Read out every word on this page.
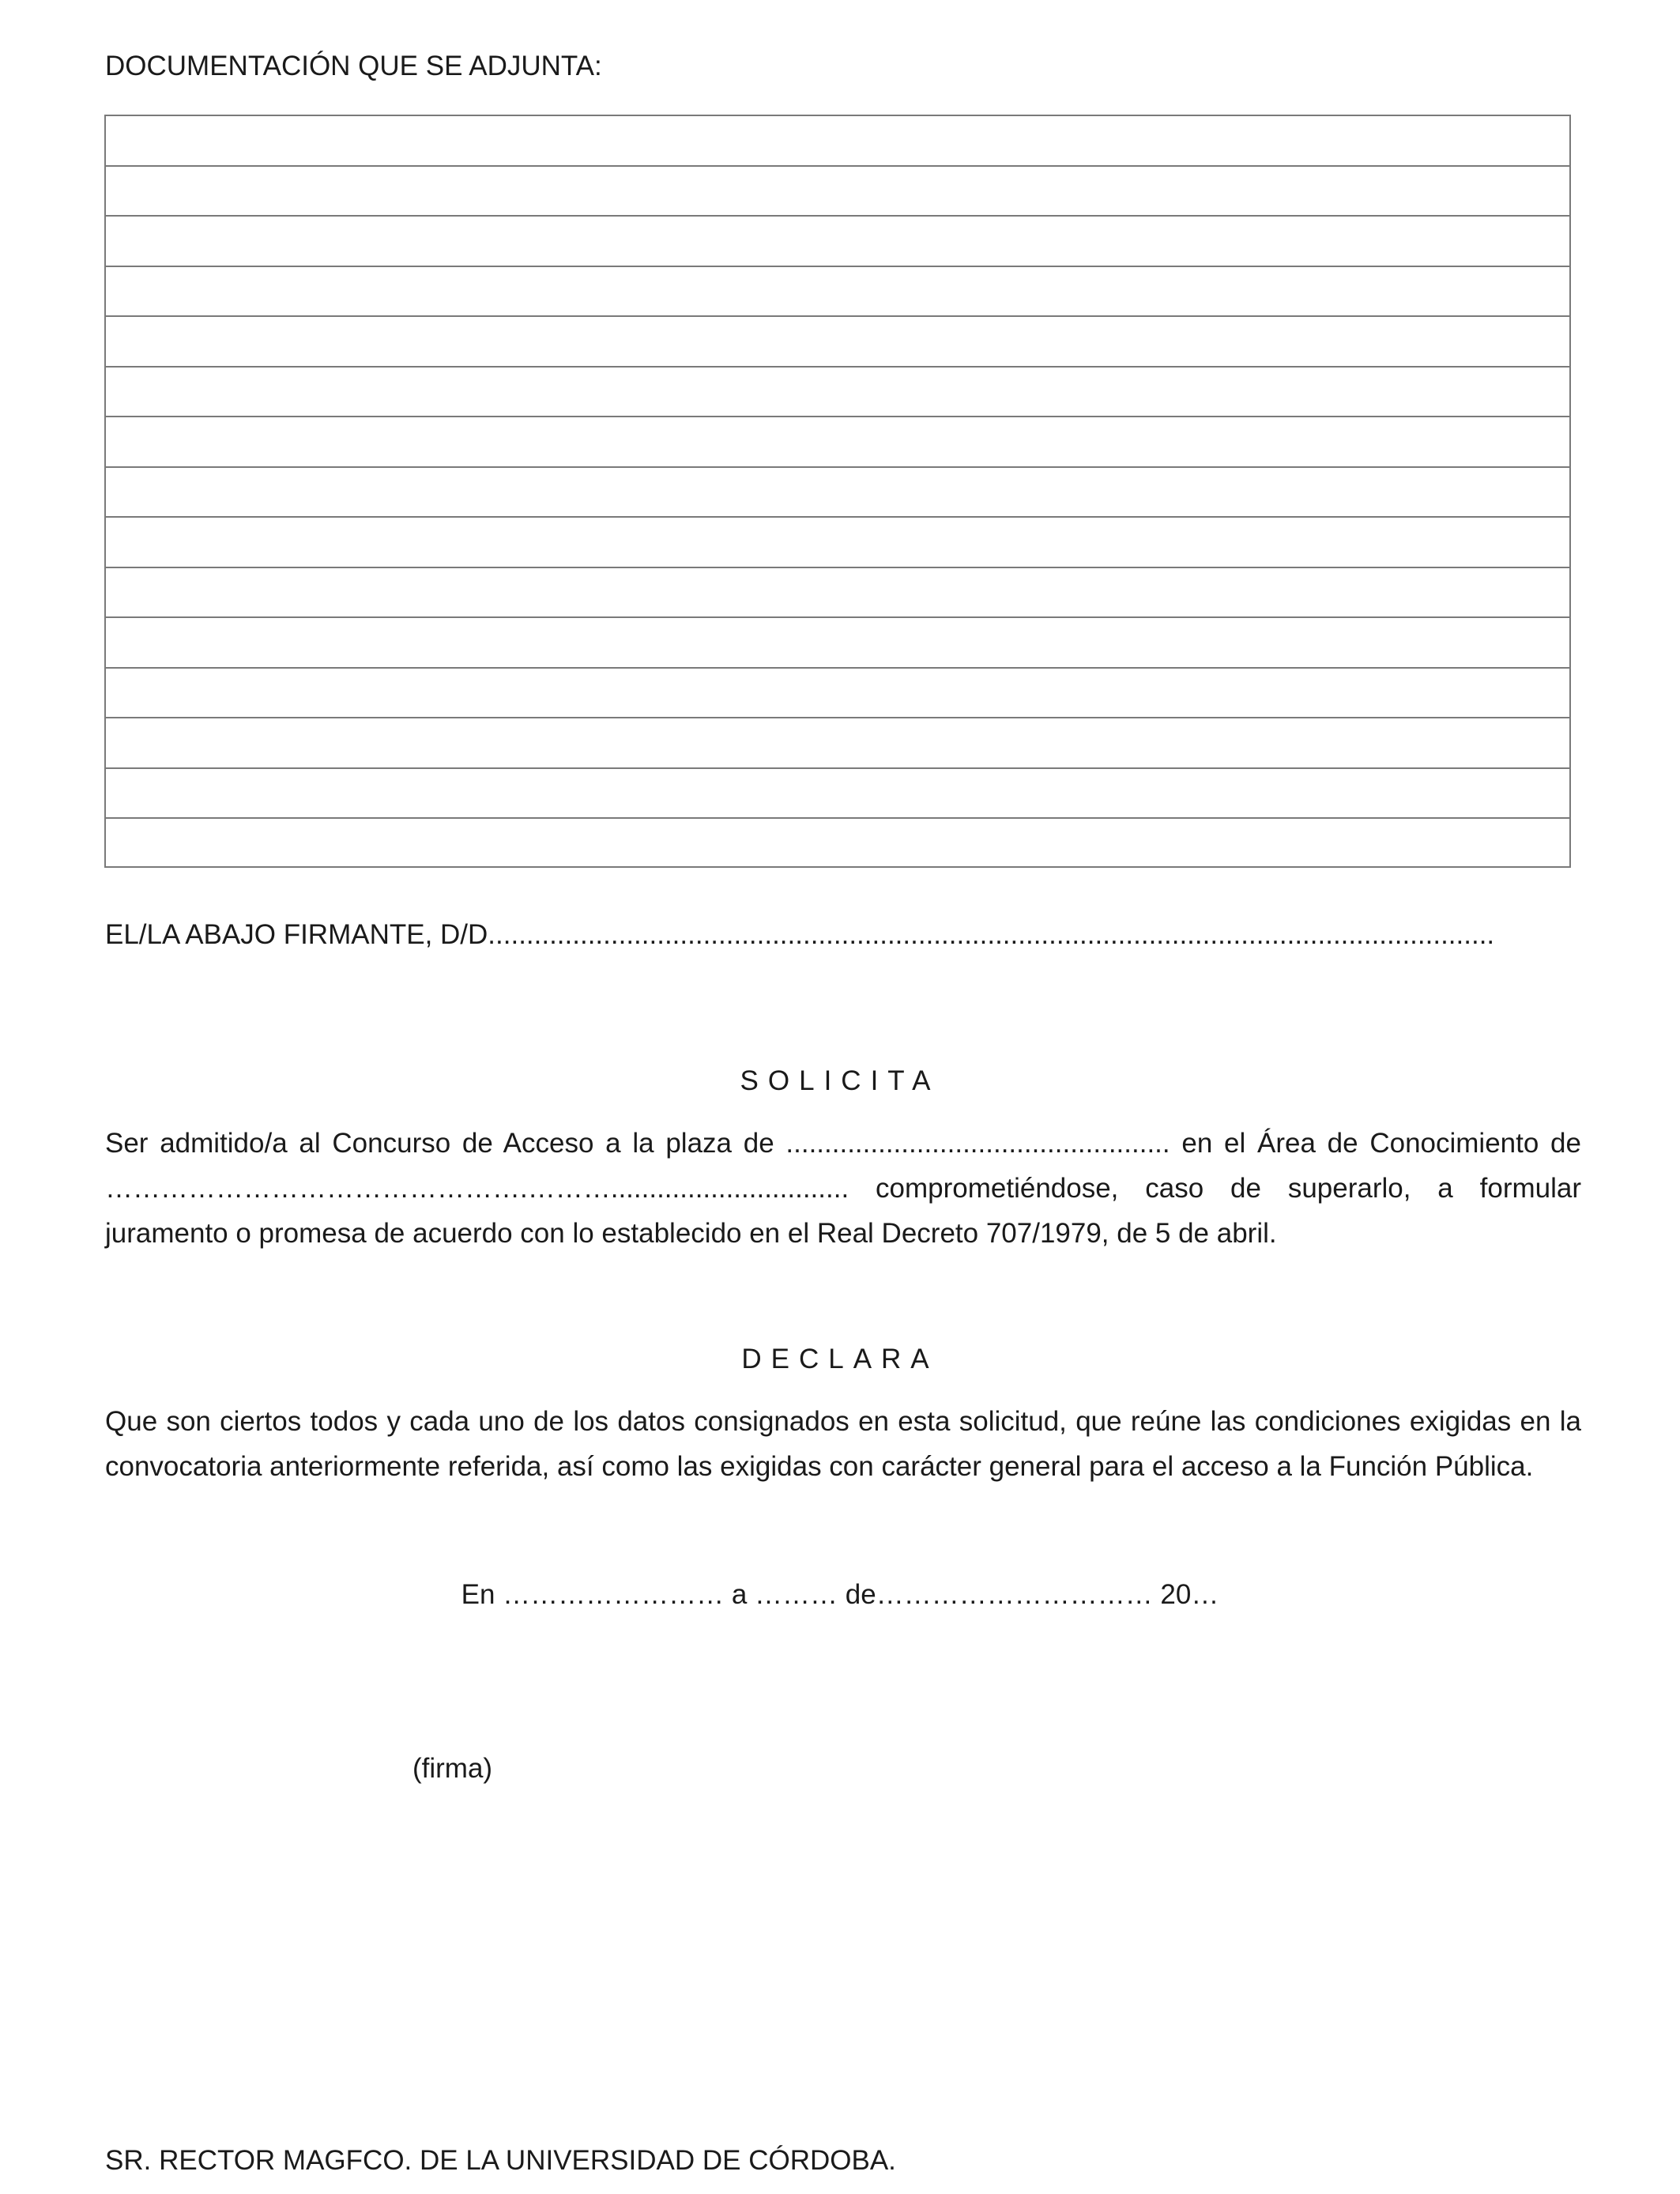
DOCUMENTACIÓN QUE SE ADJUNTA:
EL/LA ABAJO FIRMANTE, D/D...................................................................................................................................
SOLICITA
Ser admitido/a al Concurso de Acceso a la plaza de .................................................. en el Área de Conocimiento de ……………………………………….………............................... comprometiéndose, caso de superarlo, a formular juramento o promesa de acuerdo con lo establecido en el Real Decreto 707/1979, de 5 de abril.
DECLARA
Que son ciertos todos y cada uno de los datos consignados en esta solicitud, que reúne las condiciones exigidas en la convocatoria anteriormente referida, así como las exigidas con carácter general para el acceso a la Función Pública.
En …………………… a ……… de………………………… 20…
(firma)
SR. RECTOR MAGFCO. DE LA UNIVERSIDAD DE CÓRDOBA.
